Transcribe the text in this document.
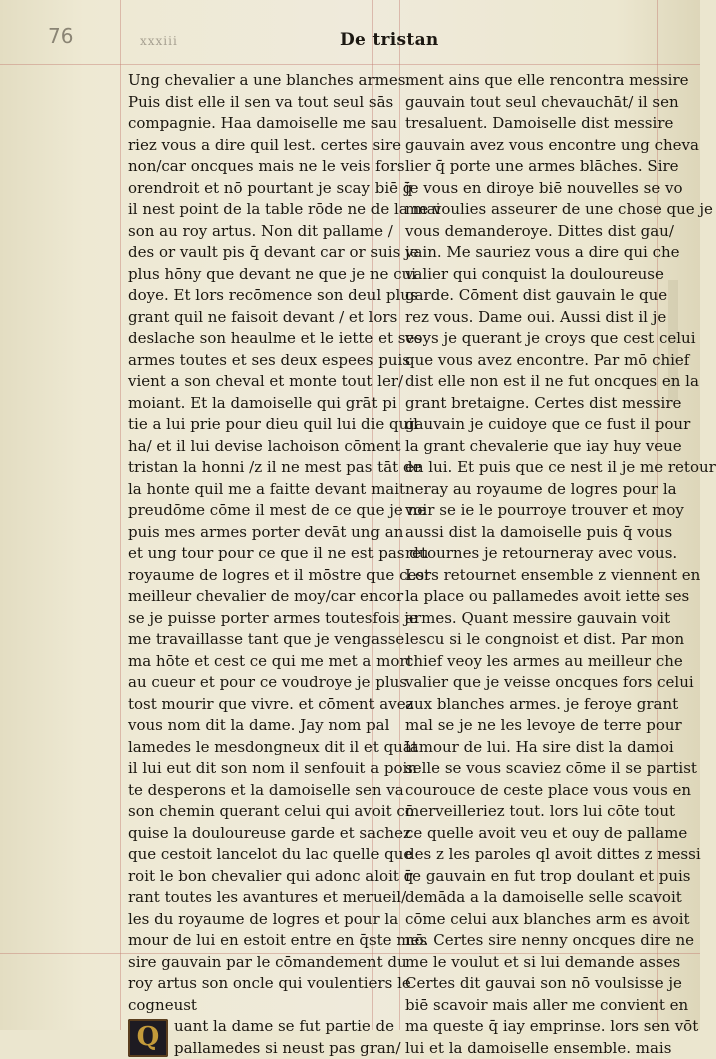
76	xxxiii	De tristan
Ung chevalier a une blanches armes.
Puis dist elle il sen va tout seul sās
compagnie. Haa damoiselle me sau
riez vous a dire quil lest. certes sire
non/car oncques mais ne le veis fors
orendroit et nō pourtant je scay biē q̄
il nest point de la table rōde ne de la mai
son au roy artus. Non dit pallame /
des or vault pis q̄ devant car or suis je
plus hōny que devant ne que je ne cui
doye. Et lors recōmence son deul plus
grant quil ne faisoit devant / et lors
deslache son heaulme et le iette et ses
armes toutes et ses deux espees puis
vient a son cheval et monte tout ler/
moiant. Et la damoiselle qui grāt pi
tie a lui prie pour dieu quil lui die quil
ha/ et il lui devise lachoison cōment
tristan la honni /z il ne mest pas tāt de
la honte quil me a faitte devant mait
preudōme cōme il mest de ce que je ne
puis mes armes porter devāt ung an
et ung tour pour ce que il ne est pas du
royaume de logres et il mōstre que cest
meilleur chevalier de moy/car encor
se je puisse porter armes toutesfois je
me travaillasse tant que je vengasse
ma hōte et cest ce qui me met a mort
au cueur et pour ce voudroye je plus
tost mourir que vivre. et cōment avez
vous nom dit la dame. Jay nom pal
lamedes le mesdongneux dit il et quāt
il lui eut dit son nom il senfouit a poin
te desperons et la damoiselle sen va
son chemin querant celui qui avoit cō
quise la douloureuse garde et sachez
que cestoit lancelot du lac quelle que
roit le bon chevalier qui adonc aloit q̄
rant toutes les avantures et merueil/
les du royaume de logres et pour la
mour de lui en estoit entre en q̄ste mes
sire gauvain par le cōmandement du
roy artus son oncle qui voulentiers le
cogneust
Q uant la dame se fut partie de
pallamedes si neust pas gran/
ment ains que elle rencontra messire
gauvain tout seul chevauchāt/ il sen
tresaluent. Damoiselle dist messire
gauvain avez vous encontre ung cheva
lier q̄ porte une armes blāches. Sire
je vous en diroye biē nouvelles se vo
me voulies asseurer de une chose que je
vous demanderoye. Dittes dist gau/
vain. Me sauriez vous a dire qui che
valier qui conquist la douloureuse
garde. Cōment dist gauvain le que
rez vous. Dame oui. Aussi dist il je
voys je querant je croys que cest celui
que vous avez encontre. Par mō chief
dist elle non est il ne fut oncques en la
grant bretaigne. Certes dist messire
gauvain je cuidoye que ce fust il pour
la grant chevalerie que iay huy veue
en lui. Et puis que ce nest il je me retour
neray au royaume de logres pour la
voir se ie le pourroye trouver et moy
aussi dist la damoiselle puis q̄ vous
retournes je retourneray avec vous.
Lors retournet ensemble z viennent en
la place ou pallamedes avoit iette ses
armes. Quant messire gauvain voit
lescu si le congnoist et dist. Par mon
chief veoy les armes au meilleur che
valier que je veisse oncques fors celui
aux blanches armes. je feroye grant
mal se je ne les levoye de terre pour
lamour de lui. Ha sire dist la damoi
selle se vous scaviez cōme il se partist
courouce de ceste place vous vous en
merveilleriez tout. lors lui cōte tout
ce quelle avoit veu et ouy de pallame
des z les paroles ql avoit dittes z messi
re gauvain en fut trop doulant et puis
demāda a la damoiselle selle scavoit
cōme celui aux blanches arm es avoit
nō. Certes sire nenny oncques dire ne
me le voulut et si lui demande asses
Certes dit gauvai son nō voulsisse je
biē scavoir mais aller me convient en
ma queste q̄ iay emprinse. lors sen vōt
lui et la damoiselle ensemble. mais
